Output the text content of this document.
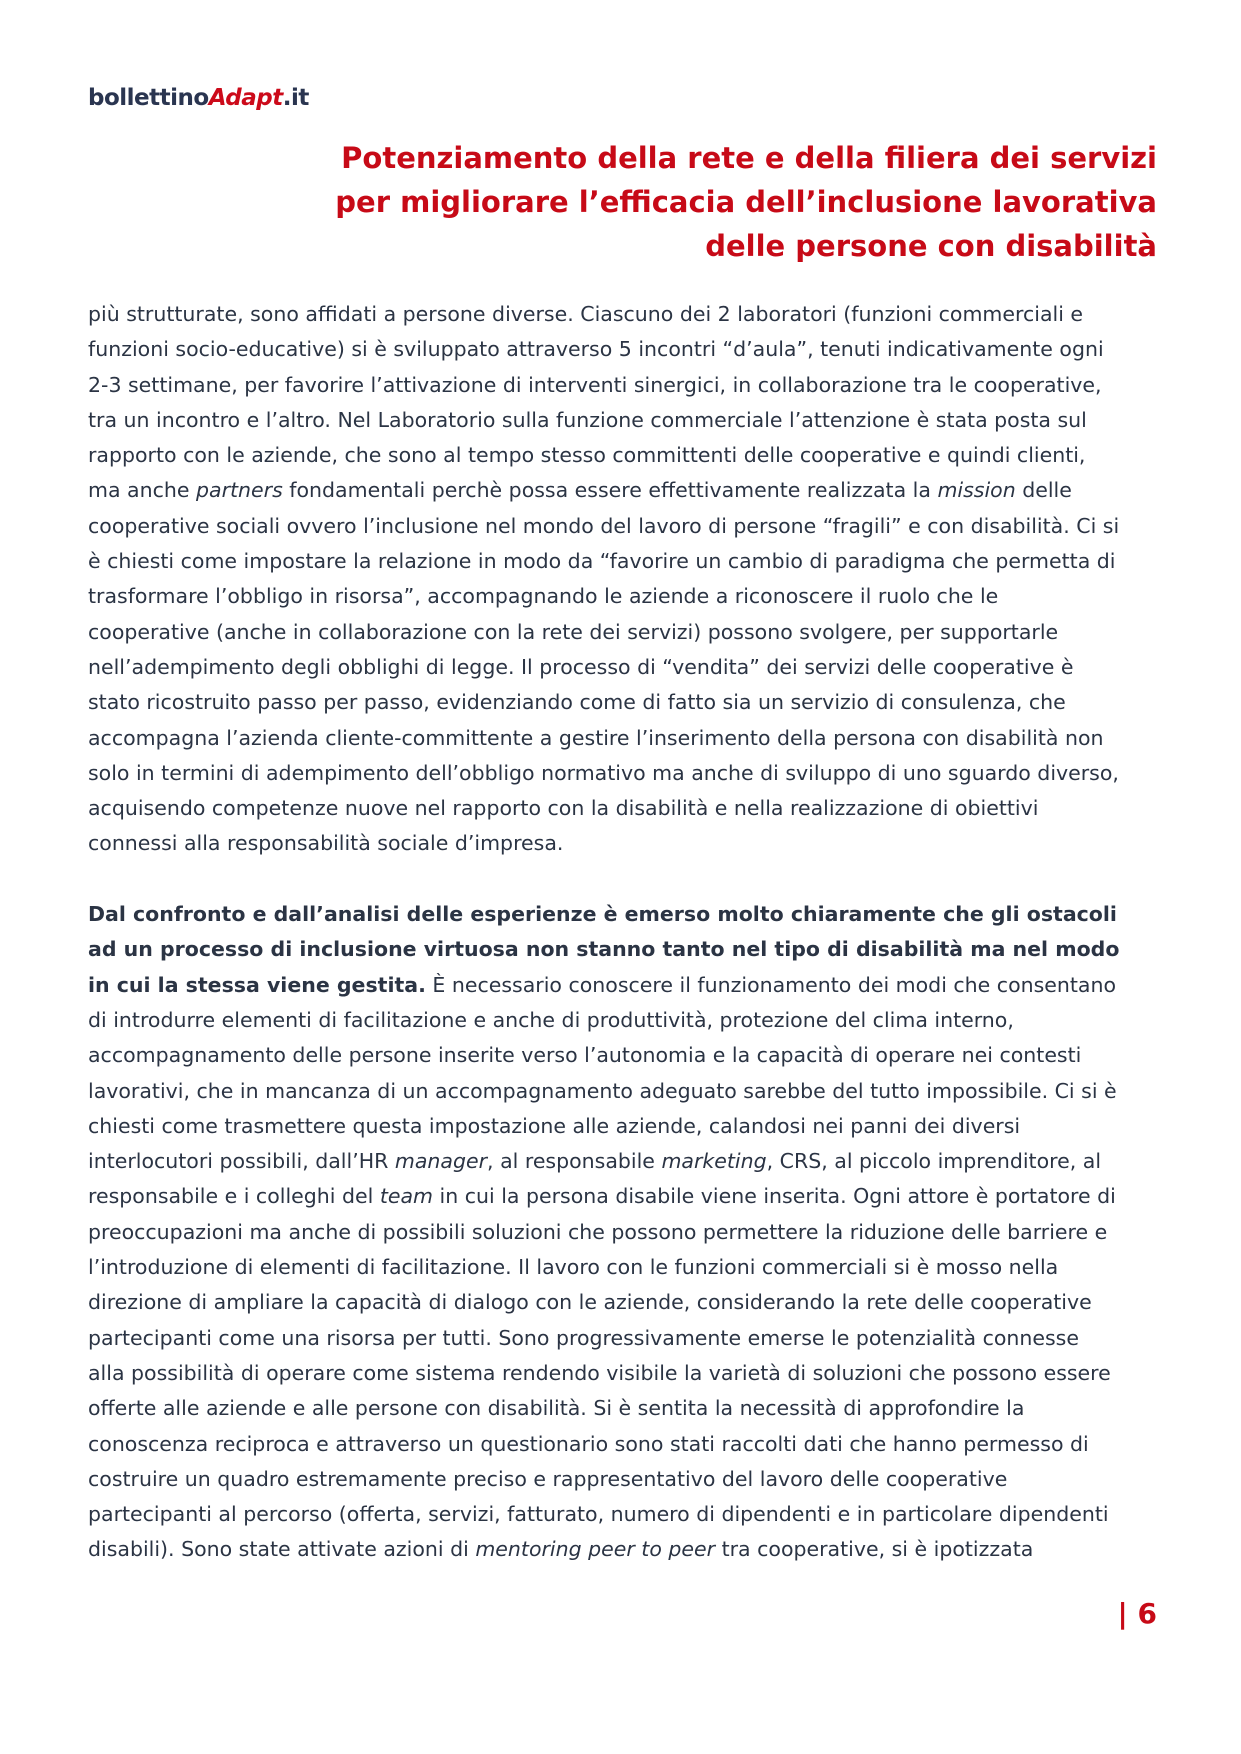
bollettinoAdapt.it
Potenziamento della rete e della filiera dei servizi
per migliorare l’efficacia dell’inclusione lavorativa
delle persone con disabilità
più strutturate, sono affidati a persone diverse. Ciascuno dei 2 laboratori (funzioni commerciali e
funzioni socio-educative) si è sviluppato attraverso 5 incontri “d’aula”, tenuti indicativamente ogni
2-3 settimane, per favorire l’attivazione di interventi sinergici, in collaborazione tra le cooperative,
tra un incontro e l’altro. Nel Laboratorio sulla funzione commerciale l’attenzione è stata posta sul
rapporto con le aziende, che sono al tempo stesso committenti delle cooperative e quindi clienti,
ma anche partners fondamentali perchè possa essere effettivamente realizzata la mission delle
cooperative sociali ovvero l’inclusione nel mondo del lavoro di persone “fragili” e con disabilità. Ci si
è chiesti come impostare la relazione in modo da “favorire un cambio di paradigma che permetta di
trasformare l’obbligo in risorsa”, accompagnando le aziende a riconoscere il ruolo che le
cooperative (anche in collaborazione con la rete dei servizi) possono svolgere, per supportarle
nell’adempimento degli obblighi di legge. Il processo di “vendita” dei servizi delle cooperative è
stato ricostruito passo per passo, evidenziando come di fatto sia un servizio di consulenza, che
accompagna l’azienda cliente-committente a gestire l’inserimento della persona con disabilità non
solo in termini di adempimento dell’obbligo normativo ma anche di sviluppo di uno sguardo diverso,
acquisendo competenze nuove nel rapporto con la disabilità e nella realizzazione di obiettivi
connessi alla responsabilità sociale d’impresa.
Dal confronto e dall’analisi delle esperienze è emerso molto chiaramente che gli ostacoli
ad un processo di inclusione virtuosa non stanno tanto nel tipo di disabilità ma nel modo
in cui la stessa viene gestita. È necessario conoscere il funzionamento dei modi che consentano
di introdurre elementi di facilitazione e anche di produttività, protezione del clima interno,
accompagnamento delle persone inserite verso l’autonomia e la capacità di operare nei contesti
lavorativi, che in mancanza di un accompagnamento adeguato sarebbe del tutto impossibile. Ci si è
chiesti come trasmettere questa impostazione alle aziende, calandosi nei panni dei diversi
interlocutori possibili, dall’HR manager, al responsabile marketing, CRS, al piccolo imprenditore, al
responsabile e i colleghi del team in cui la persona disabile viene inserita. Ogni attore è portatore di
preoccupazioni ma anche di possibili soluzioni che possono permettere la riduzione delle barriere e
l’introduzione di elementi di facilitazione. Il lavoro con le funzioni commerciali si è mosso nella
direzione di ampliare la capacità di dialogo con le aziende, considerando la rete delle cooperative
partecipanti come una risorsa per tutti. Sono progressivamente emerse le potenzialità connesse
alla possibilità di operare come sistema rendendo visibile la varietà di soluzioni che possono essere
offerte alle aziende e alle persone con disabilità. Si è sentita la necessità di approfondire la
conoscenza reciproca e attraverso un questionario sono stati raccolti dati che hanno permesso di
costruire un quadro estremamente preciso e rappresentativo del lavoro delle cooperative
partecipanti al percorso (offerta, servizi, fatturato, numero di dipendenti e in particolare dipendenti
disabili). Sono state attivate azioni di mentoring peer to peer tra cooperative, si è ipotizzata
| 6
